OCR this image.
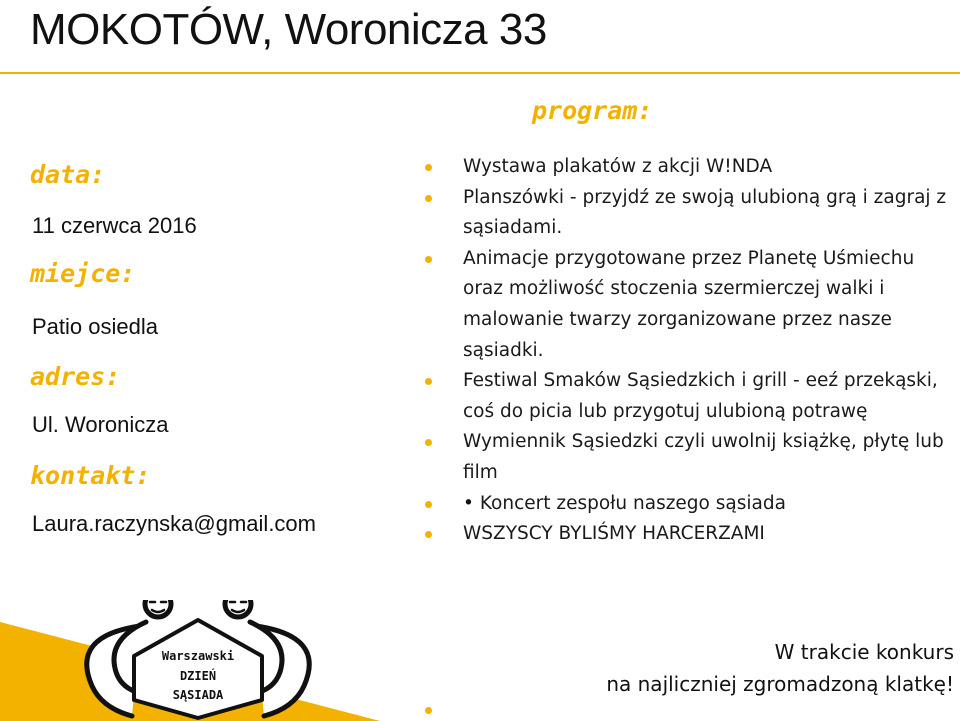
MOKOTÓW, Woronicza 33
data:
11 czerwca 2016
miejce:
Patio osiedla
adres:
Ul. Woronicza
kontakt:
Laura.raczynska@gmail.com
program:
Wystawa plakatów z akcji W!NDA
Planszówki - przyjdź ze swoją ulubioną grą i zagraj z sąsiadami.
Animacje przygotowane przez Planetę Uśmiechu oraz możliwość stoczenia szermierczej walki i malowanie twarzy zorganizowane przez nasze sąsiadki.
Festiwal Smaków Sąsiedzkich i grill - eeź przekąski, coś do picia lub przygotuj ulubioną potrawę
Wymiennik Sąsiedzki czyli uwolnij książkę, płytę lub film
• Koncert zespołu naszego sąsiada
WSZYSCY BYLIŚMY HARCERZAMI
Warszawski
DZIEŃ
SĄSIADA
W trakcie konkurs
na najliczniej zgromadzoną klatkę!
